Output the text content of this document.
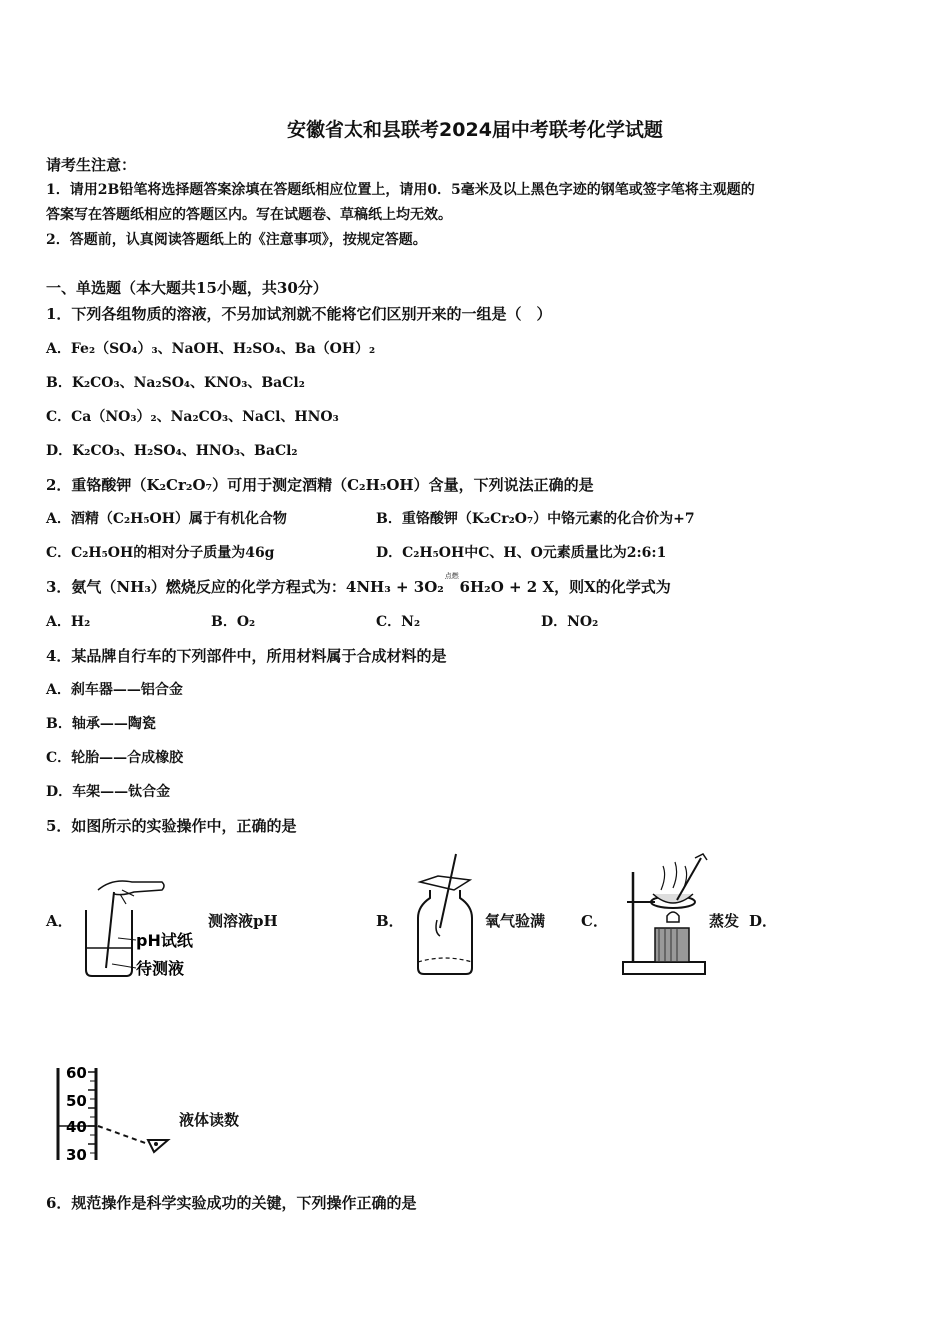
安徽省太和县联考2024届中考联考化学试题
请考生注意：
1．请用2B铅笔将选择题答案涂填在答题纸相应位置上，请用0．5毫米及以上黑色字迹的钢笔或签字笔将主观题的
答案写在答题纸相应的答题区内。写在试题卷、草稿纸上均无效。
2．答题前，认真阅读答题纸上的《注意事项》，按规定答题。
一、单选题（本大题共15小题，共30分）
1．下列各组物质的溶液，不另加试剂就不能将它们区别开来的一组是（　）
A．Fe₂（SO₄）₃、NaOH、H₂SO₄、Ba（OH）₂
B．K₂CO₃、Na₂SO₄、KNO₃、BaCl₂
C．Ca（NO₃）₂、Na₂CO₃、NaCl、HNO₃
D．K₂CO₃、H₂SO₄、HNO₃、BaCl₂
2．重铬酸钾（K₂Cr₂O₇）可用于测定酒精（C₂H₅OH）含量，下列说法正确的是
A．酒精（C₂H₅OH）属于有机化合物	B．重铬酸钾（K₂Cr₂O₇）中铬元素的化合价为+7
C．C₂H₅OH的相对分子质量为46g	D．C₂H₅OH中C、H、O元素质量比为2:6:1
3．氨气（NH₃）燃烧反应的化学方程式为：4NH₃ + 3O₂
点燃
6H₂O + 2 X，则X的化学式为
A．H₂	B．O₂	C．N₂	D．NO₂
4．某品牌自行车的下列部件中，所用材料属于合成材料的是
A．刹车器——铝合金
B．轴承——陶瓷
C．轮胎——合成橡胶
D．车架——钛合金
5．如图所示的实验操作中，正确的是
A．
pH试纸
待测液
测溶液pH	B．	氧气验满 C．	蒸发 D．
60
50
40
30
液体读数
6．规范操作是科学实验成功的关键，下列操作正确的是
